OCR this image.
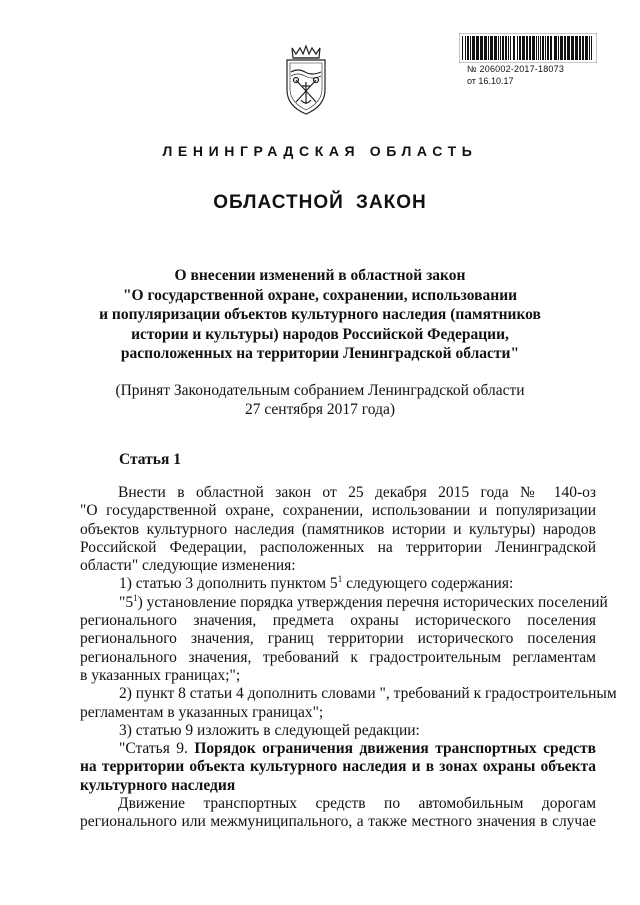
№ 206002-2017-18073
от 16.10.17
ЛЕНИНГРАДСКАЯ ОБЛАСТЬ
ОБЛАСТНОЙ ЗАКОН
О внесении изменений в областной закон
"О государственной охране, сохранении, использовании
и популяризации объектов культурного наследия (памятников
истории и культуры) народов Российской Федерации,
расположенных на территории Ленинградской области"
(Принят Законодательным собранием Ленинградской области
27 сентября 2017 года)
Статья 1

Внести в областной закон от 25 декабря 2015 года № 140-оз

"О государственной охране, сохранении, использовании и популяризации

объектов культурного наследия (памятников истории и культуры) народов

Российской Федерации, расположенных на территории Ленинградской

области" следующие изменения:

1) статью 3 дополнить пунктом $5^1$ следующего содержания:

"$5^1$) установление порядка утверждения перечня исторических поселений

регионального значения, предмета охраны исторического поселения

регионального значения, границ территории исторического поселения

регионального значения, требований к градостроительным регламентам

в указанных границах;";

2) пункт 8 статьи 4 дополнить словами ", требований к градостроительным

регламентам в указанных границах";

3) статью 9 изложить в следующей редакции:

"Статья 9. Порядок ограничения движения транспортных средств

на территории объекта культурного наследия и в зонах охраны объекта

культурного наследия

Движение транспортных средств по автомобильным дорогам

регионального или межмуниципального, а также местного значения в случае
